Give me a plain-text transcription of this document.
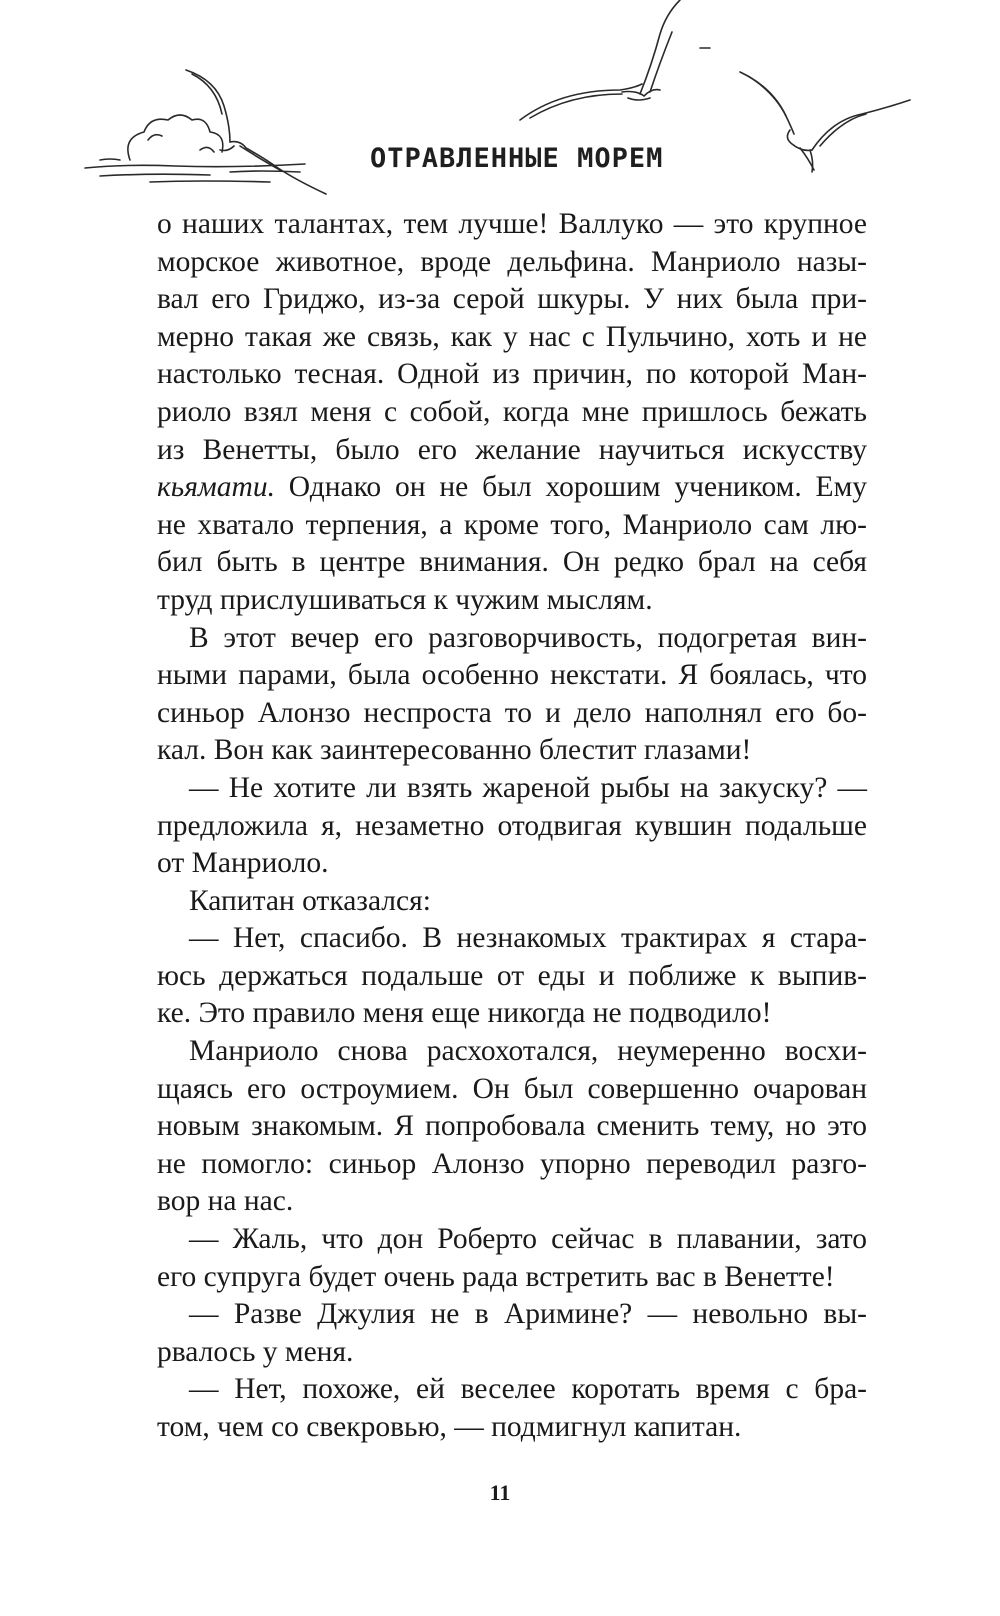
ОТРАВЛЕННЫЕ МОРЕМ
о наших талантах, тем лучше! Валлуко — это крупное
морское животное, вроде дельфина. Манриоло назы-
вал его Гриджо, из-за серой шкуры. У них была при-
мерно такая же связь, как у нас с Пульчино, хоть и не
настолько тесная. Одной из причин, по которой Ман-
риоло взял меня с собой, когда мне пришлось бежать
из Венетты, было его желание научиться искусству
кьямати. Однако он не был хорошим учеником. Ему
не хватало терпения, а кроме того, Манриоло сам лю-
бил быть в центре внимания. Он редко брал на себя
труд прислушиваться к чужим мыслям.
В этот вечер его разговорчивость, подогретая вин-
ными парами, была особенно некстати. Я боялась, что
синьор Алонзо неспроста то и дело наполнял его бо-
кал. Вон как заинтересованно блестит глазами!
— Не хотите ли взять жареной рыбы на закуску? —
предложила я, незаметно отодвигая кувшин подальше
от Манриоло.
Капитан отказался:
— Нет, спасибо. В незнакомых трактирах я стара-
юсь держаться подальше от еды и поближе к выпив-
ке. Это правило меня еще никогда не подводило!
Манриоло снова расхохотался, неумеренно восхи-
щаясь его остроумием. Он был совершенно очарован
новым знакомым. Я попробовала сменить тему, но это
не помогло: синьор Алонзо упорно переводил разго-
вор на нас.
— Жаль, что дон Роберто сейчас в плавании, зато
его супруга будет очень рада встретить вас в Венетте!
— Разве Джулия не в Аримине? — невольно вы-
рвалось у меня.
— Нет, похоже, ей веселее коротать время с бра-
том, чем со свекровью, — подмигнул капитан.
11
